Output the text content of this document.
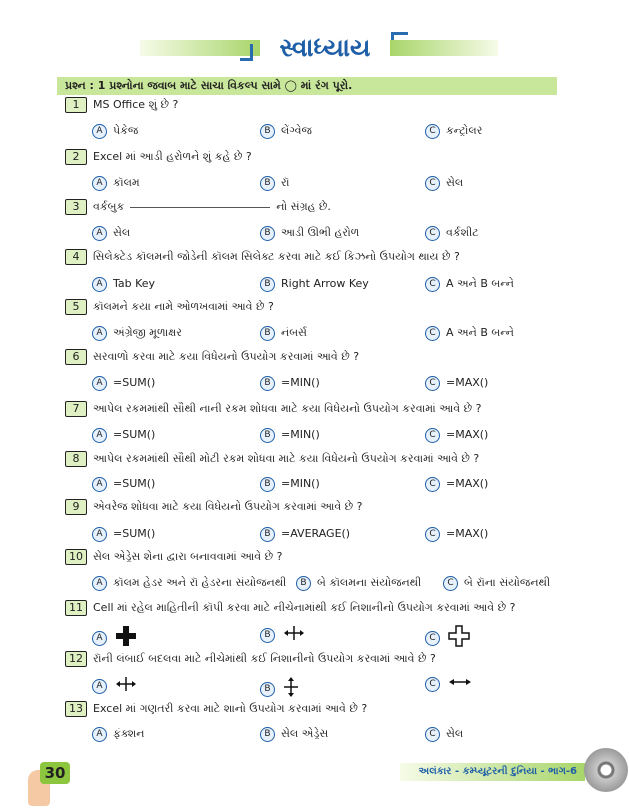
સ્વાધ્યાય
પ્રશ્ન : 1 પ્રશ્નોના જવાબ માટે સાચા વિકલ્પ સામે ◯ માં રંગ પૂરો.
1 MS Office શું છે ?
A પેકેજ	B લેંગ્વેજ	C કન્ટ્રોલર
2 Excel માં આડી હરોળને શું કહે છે ?
A કૉલમ	B રૉ	C સેલ
3 વર્કબુક	નો સંગ્રહ છે.
A સેલ	B આડી ઊભી હરોળ	C વર્કશીટ
4 સિલેક્ટેડ કૉલમની જોડેની કૉલમ સિલેક્ટ કરવા માટે કઈ કિઝનો ઉપયોગ થાય છે ?
A Tab Key	B Right Arrow Key	C A અને B બન્ને
5 કૉલમને કયા નામે ઓળખવામાં આવે છે ?
A અંગ્રેજી મૂળાક્ષર	B નંબર્સ	C A અને B બન્ને
6 સરવાળો કરવા માટે કયા વિધેયનો ઉપયોગ કરવામાં આવે છે ?
A =SUM()	B =MIN()	C =MAX()
7 આપેલ રકમમાંથી સૌથી નાની રકમ શોધવા માટે કયા વિધેયનો ઉપયોગ કરવામાં આવે છે ?
A =SUM()	B =MIN()	C =MAX()
8 આપેલ રકમમાંથી સૌથી મોટી રકમ શોધવા માટે કયા વિધેયનો ઉપયોગ કરવામાં આવે છે ?
A =SUM()	B =MIN()	C =MAX()
9 એવરેજ શોધવા માટે કયા વિધેયનો ઉપયોગ કરવામાં આવે છે ?
A =SUM()	B =AVERAGE()	C =MAX()
10 સેલ એડ્રેસ શેના દ્વારા બનાવવામાં આવે છે ?
A કૉલમ હેડર અને રૉ હેડરના સંયોજનથી	B બે કૉલમના સંયોજનથી	C બે રૉના સંયોજનથી
11 Cell માં રહેલ માહિતીની કૉપી કરવા માટે નીચેનામાંથી કઈ નિશાનીનો ઉપયોગ કરવામાં આવે છે ?
A	B	C
12 રૉની લંબાઈ બદલવા માટે નીચેમાંથી કઈ નિશાનીનો ઉપયોગ કરવામાં આવે છે ?
A	B	C
13 Excel માં ગણતરી કરવા માટે શાનો ઉપયોગ કરવામાં આવે છે ?
A ફંક્શન	B સેલ એડ્રેસ	C સેલ
30	અલંકાર - કમ્પ્યૂટરની દુનિયા - ભાગ-6
